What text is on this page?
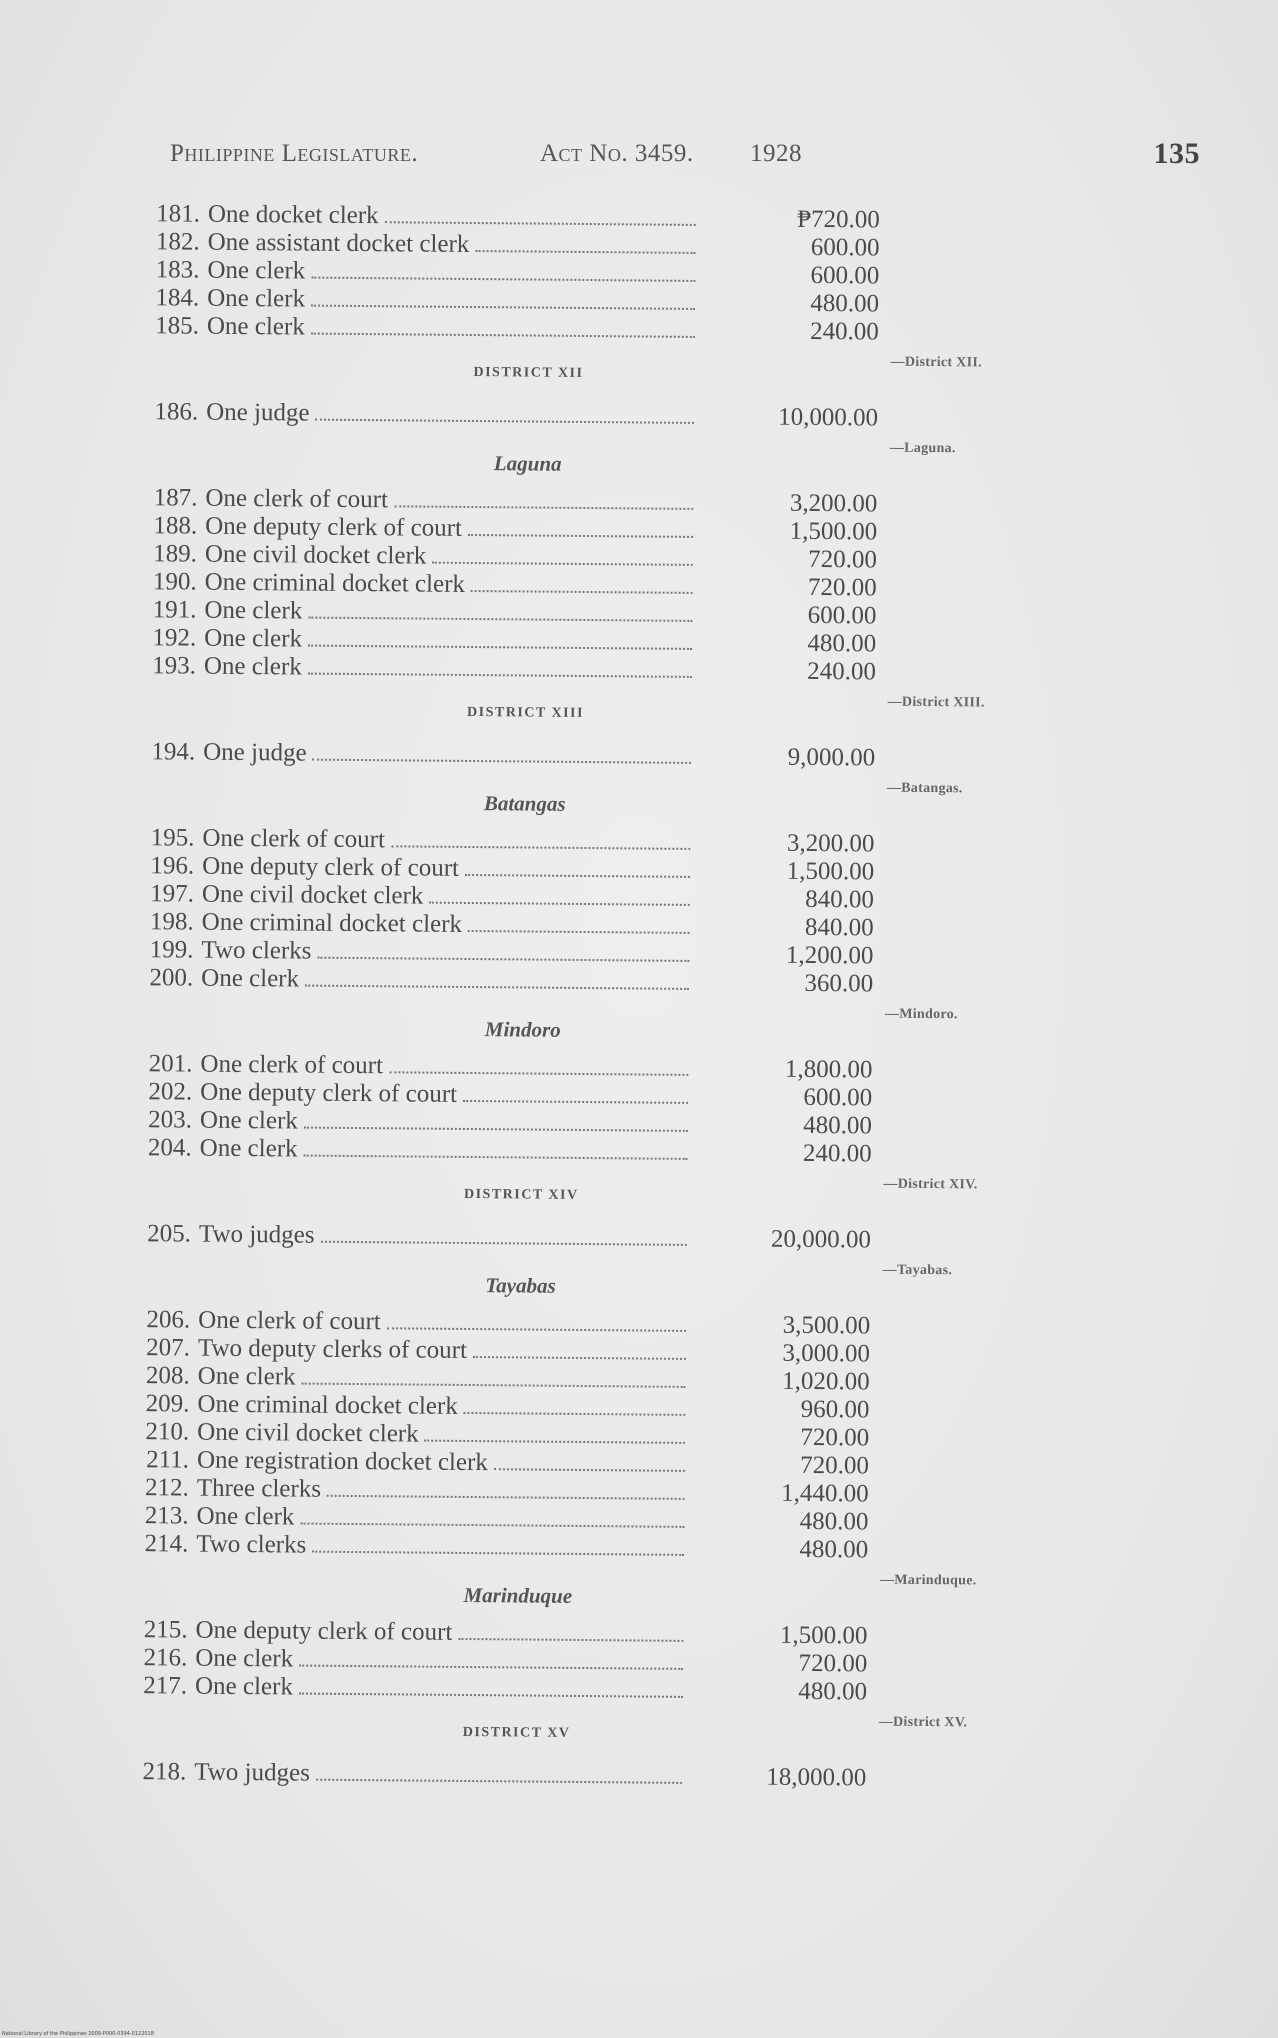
Philippine Legislature.	Act No. 3459. 1928	135
181. One docket clerk	₱720.00
182. One assistant docket clerk	600.00
183. One clerk	600.00
184. One clerk	480.00
185. One clerk	240.00
DISTRICT XII
—District XII.
186. One judge	10,000.00
Laguna
—Laguna.
187. One clerk of court	3,200.00
188. One deputy clerk of court	1,500.00
189. One civil docket clerk	720.00
190. One criminal docket clerk	720.00
191. One clerk	600.00
192. One clerk	480.00
193. One clerk	240.00
DISTRICT XIII
—District XIII.
194. One judge	9,000.00
Batangas
—Batangas.
195. One clerk of court	3,200.00
196. One deputy clerk of court	1,500.00
197. One civil docket clerk	840.00
198. One criminal docket clerk	840.00
199. Two clerks	1,200.00
200. One clerk	360.00
Mindoro
—Mindoro.
201. One clerk of court	1,800.00
202. One deputy clerk of court	600.00
203. One clerk	480.00
204. One clerk	240.00
DISTRICT XIV
—District XIV.
205. Two judges	20,000.00
Tayabas
—Tayabas.
206. One clerk of court	3,500.00
207. Two deputy clerks of court	3,000.00
208. One clerk	1,020.00
209. One criminal docket clerk	960.00
210. One civil docket clerk	720.00
211. One registration docket clerk	720.00
212. Three clerks	1,440.00
213. One clerk	480.00
214. Two clerks	480.00
Marinduque
—Marinduque.
215. One deputy clerk of court	1,500.00
216. One clerk	720.00
217. One clerk	480.00
DISTRICT XV
—District XV.
218. Two judges	18,000.00
National Library of the Philippines 2009-P000-0394-0122018
